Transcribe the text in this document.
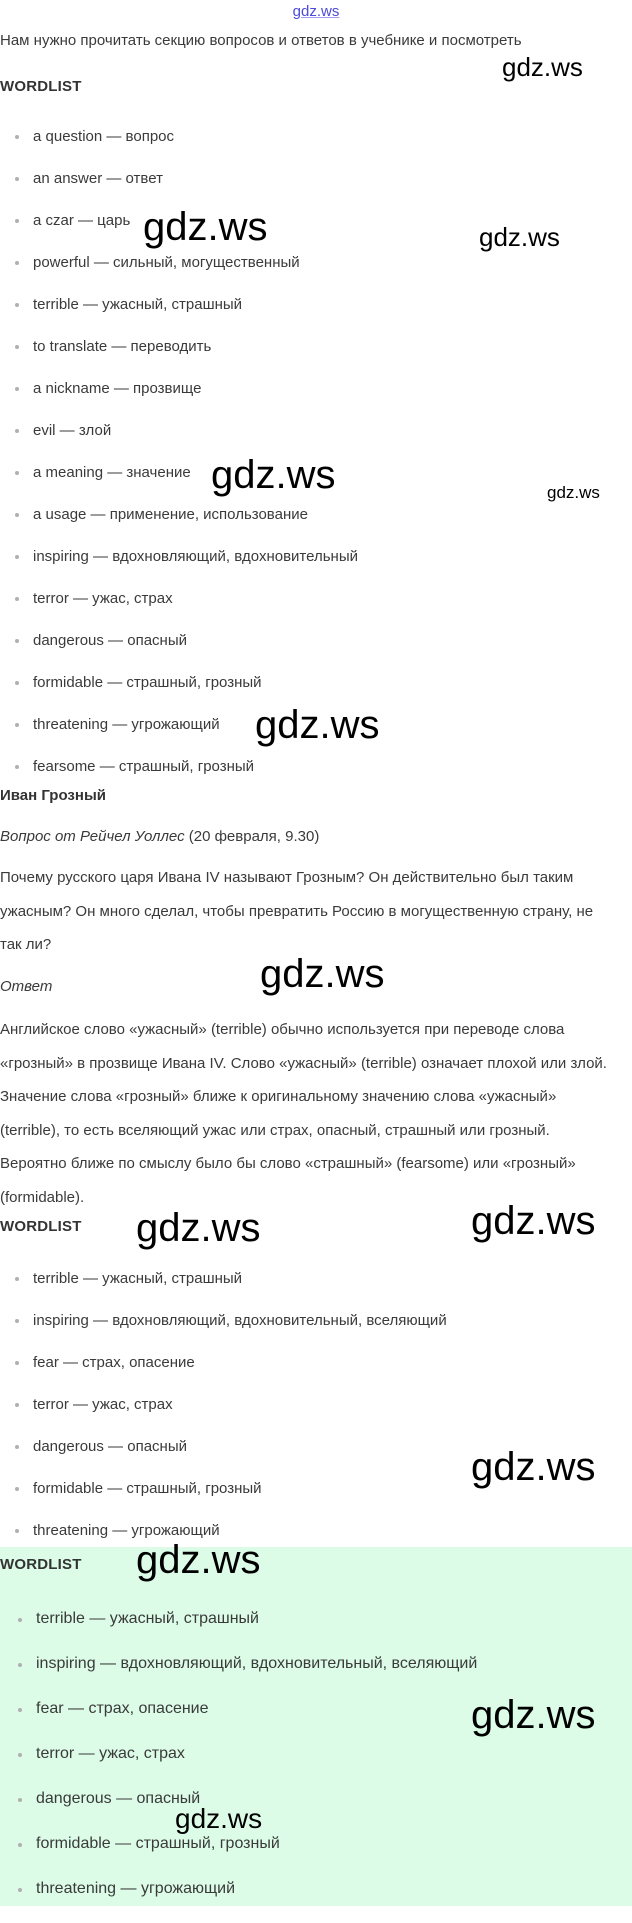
gdz.ws

Нам нужно прочитать секцию вопросов и ответов в учебнике и посмотреть

WORDLIST
a question — вопрос
an answer — ответ
a czar — царь
powerful — сильный, могущественный
terrible — ужасный, страшный
to translate — переводить
a nickname — прозвище
evil — злой
a meaning — значение
a usage — применение, использование
inspiring — вдохновляющий, вдохновительный
terror — ужас, страх
dangerous — опасный
formidable — страшный, грозный
threatening — угрожающий
fearsome — страшный, грозный
Иван Грозный
Вопрос от Рейчел Уоллес (20 февраля, 9.30)

Почему русского царя Ивана IV называют Грозным? Он действительно был таким ужасным? Он много сделал, чтобы превратить Россию в могущественную страну, не так ли?

Ответ

Английское слово «ужасный» (terrible) обычно используется при переводе слова «грозный» в прозвище Ивана IV. Слово «ужасный» (terrible) означает плохой или злой. Значение слова «грозный» ближе к оригинальному значению слова «ужасный» (terrible), то есть вселяющий ужас или страх, опасный, страшный или грозный. Вероятно ближе по смыслу было бы слово «страшный» (fearsome) или «грозный» (formidable).

WORDLIST
terrible — ужасный, страшный
inspiring — вдохновляющий, вдохновительный, вселяющий
fear — страх, опасение
terror — ужас, страх
dangerous — опасный
formidable — страшный, грозный
threatening — угрожающий
WORDLIST
terrible — ужасный, страшный
inspiring — вдохновляющий, вдохновительный, вселяющий
fear — страх, опасение
terror — ужас, страх
dangerous — опасный
formidable — страшный, грозный
threatening — угрожающий
gdz.ws
gdz.ws	gdz.ws
gdz.ws	gdz.ws
gdz.ws
gdz.ws
gdz.ws
gdz.ws
gdz.ws
gdz.ws
gdz.ws
gdz.ws
